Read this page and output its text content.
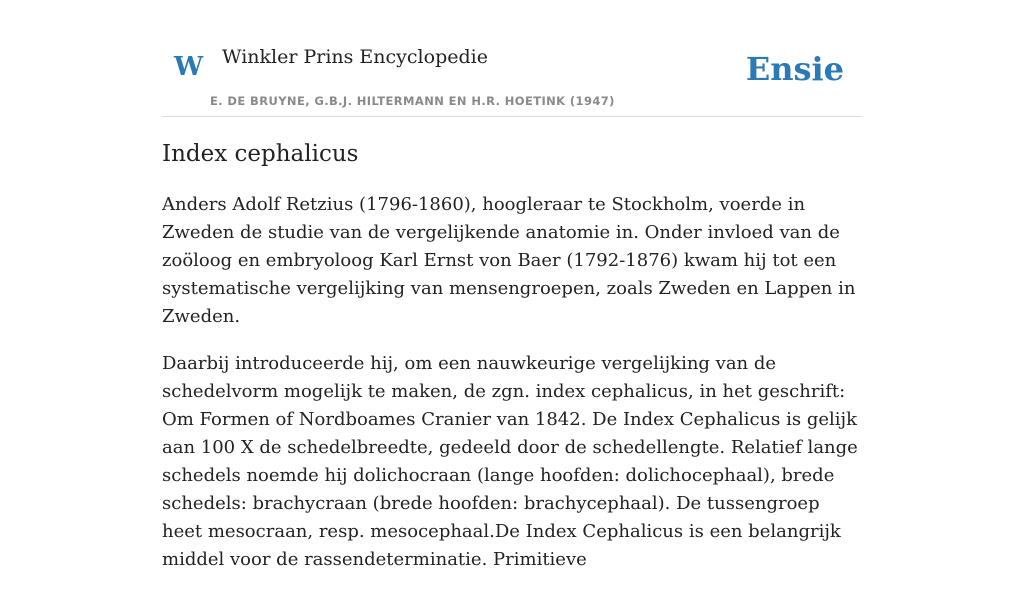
W Winkler Prins Encyclopedie
E. DE BRUYNE, G.B.J. HILTERMANN EN H.R. HOETINK (1947)
Ensie
Index cephalicus

Anders Adolf Retzius (1796-1860), hoogleraar te Stockholm, voerde in Zweden de studie van de vergelijkende anatomie in. Onder invloed van de zoöloog en embryoloog Karl Ernst von Baer (1792-1876) kwam hij tot een systematische vergelijking van mensengroepen, zoals Zweden en Lappen in Zweden.

Daarbij introduceerde hij, om een nauwkeurige vergelijking van de schedelvorm mogelijk te maken, de zgn. index cephalicus, in het geschrift: Om Formen of Nordboames Cranier van 1842. De Index Cephalicus is gelijk aan 100 X de schedelbreedte, gedeeld door de schedellengte. Relatief lange schedels noemde hij dolichocraan (lange hoofden: dolichocephaal), brede schedels: brachycraan (brede hoofden: brachycephaal). De tussengroep heet mesocraan, resp. mesocephaal.De Index Cephalicus is een belangrijk middel voor de rassendeterminatie. Primitieve
